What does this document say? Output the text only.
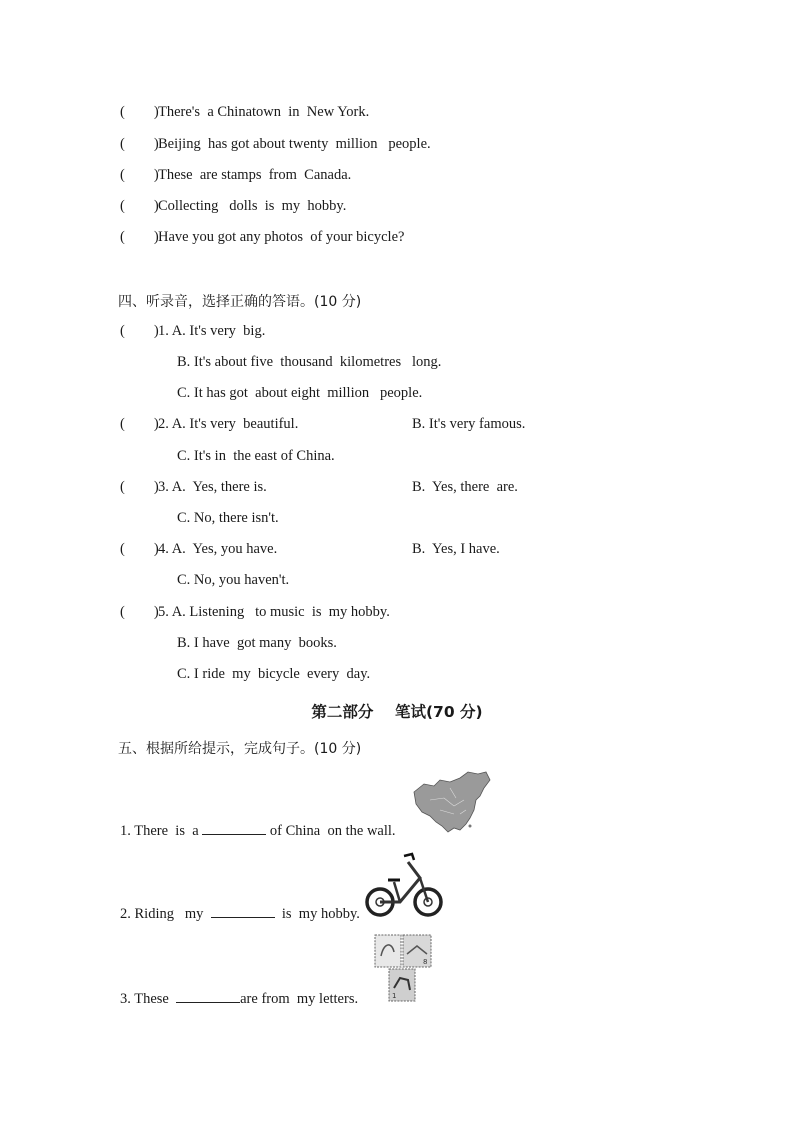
(        )There's  a Chinatown  in  New York.
(        )Beijing  has got about twenty  million   people.
(        )These  are stamps  from  Canada.
(        )Collecting   dolls  is  my  hobby.
(        )Have you got any photos  of your bicycle?
四、听录音，选择正确的答语。(10 分)
(        )1. A. It's very  big.
B. It's about five  thousand  kilometres   long.
C. It has got  about eight  million   people.
(        )2. A. It's very  beautiful.	B. It's very famous.
C. It's in  the east of China.
(        )3. A.  Yes, there is.	B.  Yes, there  are.
C. No, there isn't.
(        )4. A.  Yes, you have.	B.  Yes, I have.
C. No, you haven't.
(        )5. A. Listening   to music  is  my hobby.
B. I have  got many  books.
C. I ride  my  bicycle  every  day.
第二部分    笔试(70 分)
五、根据所给提示，完成句子。(10 分)
1. There  is  a	of China  on the wall.
2. Riding   my	is  my hobby.
3. These	are from  my letters.
8
1
